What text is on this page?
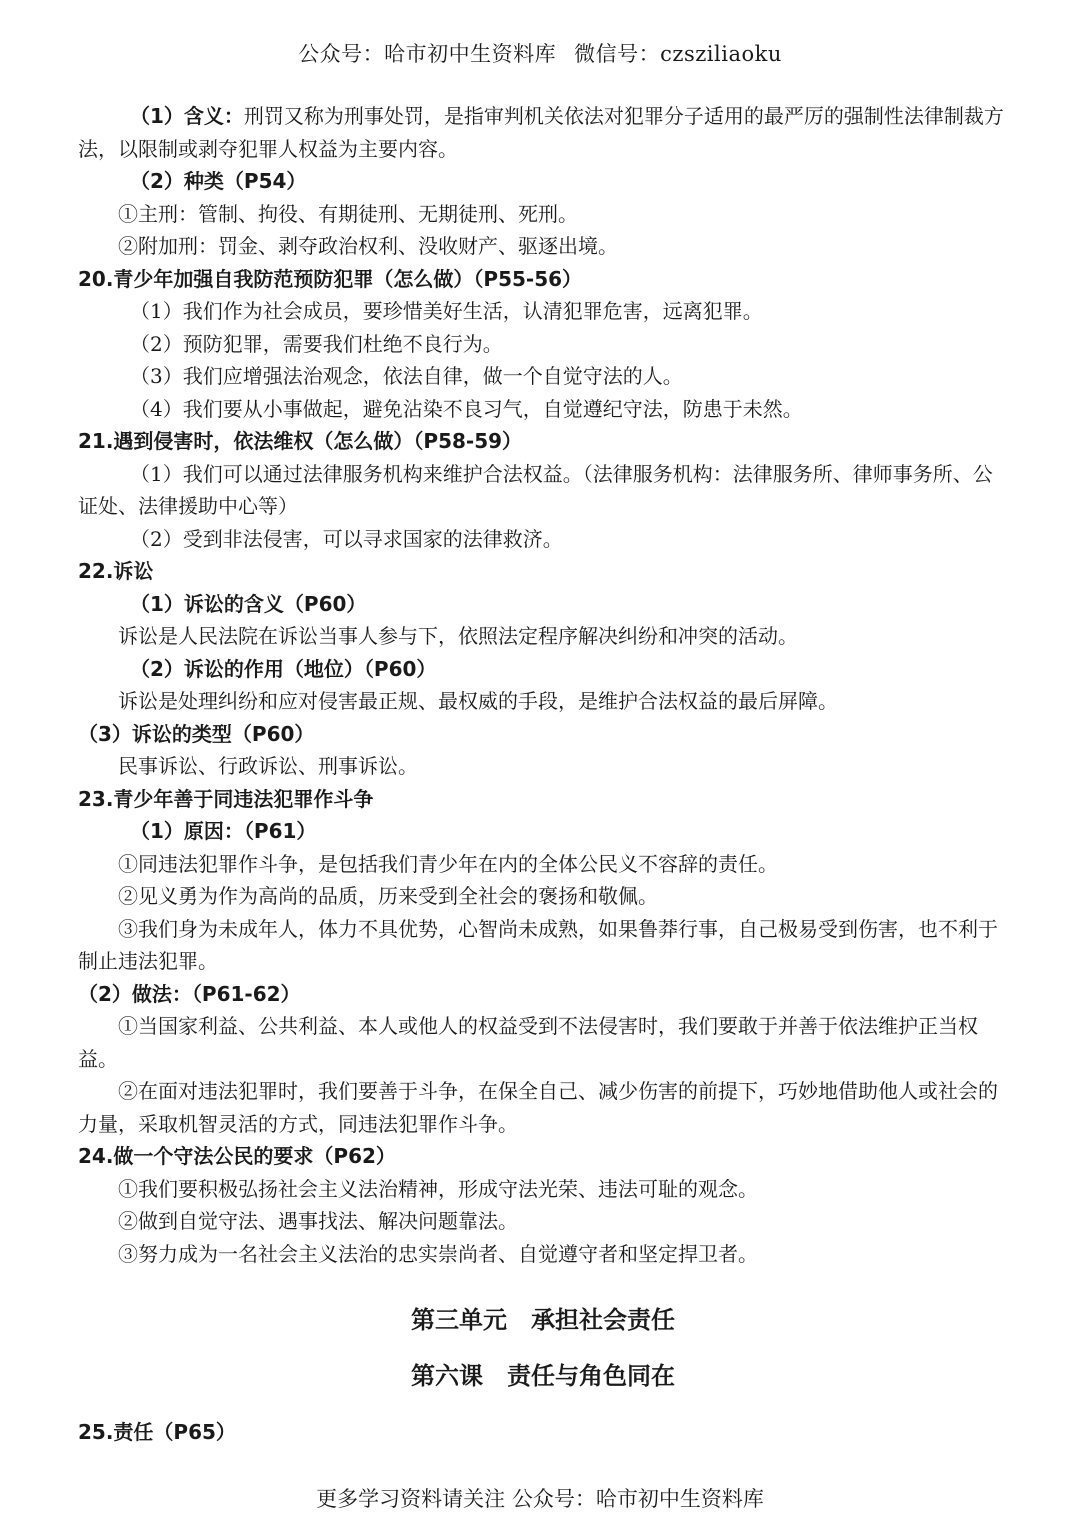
公众号：哈市初中生资料库 微信号：czsziliaoku
（1）含义：刑罚又称为刑事处罚，是指审判机关依法对犯罪分子适用的最严厉的强制性法律制裁方法，以限制或剥夺犯罪人权益为主要内容。
（2）种类（P54）
①主刑：管制、拘役、有期徒刑、无期徒刑、死刑。
②附加刑：罚金、剥夺政治权利、没收财产、驱逐出境。
20.青少年加强自我防范预防犯罪（怎么做）（P55-56）
（1）我们作为社会成员，要珍惜美好生活，认清犯罪危害，远离犯罪。
（2）预防犯罪，需要我们杜绝不良行为。
（3）我们应增强法治观念，依法自律，做一个自觉守法的人。
（4）我们要从小事做起，避免沾染不良习气，自觉遵纪守法，防患于未然。
21.遇到侵害时，依法维权（怎么做）（P58-59）
（1）我们可以通过法律服务机构来维护合法权益。（法律服务机构：法律服务所、律师事务所、公证处、法律援助中心等）
（2）受到非法侵害，可以寻求国家的法律救济。
22.诉讼
（1）诉讼的含义（P60）
诉讼是人民法院在诉讼当事人参与下，依照法定程序解决纠纷和冲突的活动。
（2）诉讼的作用（地位）（P60）
诉讼是处理纠纷和应对侵害最正规、最权威的手段，是维护合法权益的最后屏障。
（3）诉讼的类型（P60）
民事诉讼、行政诉讼、刑事诉讼。
23.青少年善于同违法犯罪作斗争
（1）原因：（P61）
①同违法犯罪作斗争，是包括我们青少年在内的全体公民义不容辞的责任。
②见义勇为作为高尚的品质，历来受到全社会的褒扬和敬佩。
③我们身为未成年人，体力不具优势，心智尚未成熟，如果鲁莽行事，自己极易受到伤害，也不利于制止违法犯罪。
（2）做法：（P61-62）
①当国家利益、公共利益、本人或他人的权益受到不法侵害时，我们要敢于并善于依法维护正当权益。
②在面对违法犯罪时，我们要善于斗争，在保全自己、减少伤害的前提下，巧妙地借助他人或社会的力量，采取机智灵活的方式，同违法犯罪作斗争。
24.做一个守法公民的要求（P62）
①我们要积极弘扬社会主义法治精神，形成守法光荣、违法可耻的观念。
②做到自觉守法、遇事找法、解决问题靠法。
③努力成为一名社会主义法治的忠实崇尚者、自觉遵守者和坚定捍卫者。
第三单元　承担社会责任
第六课　责任与角色同在
25.责任（P65）
更多学习资料请关注 公众号：哈市初中生资料库
